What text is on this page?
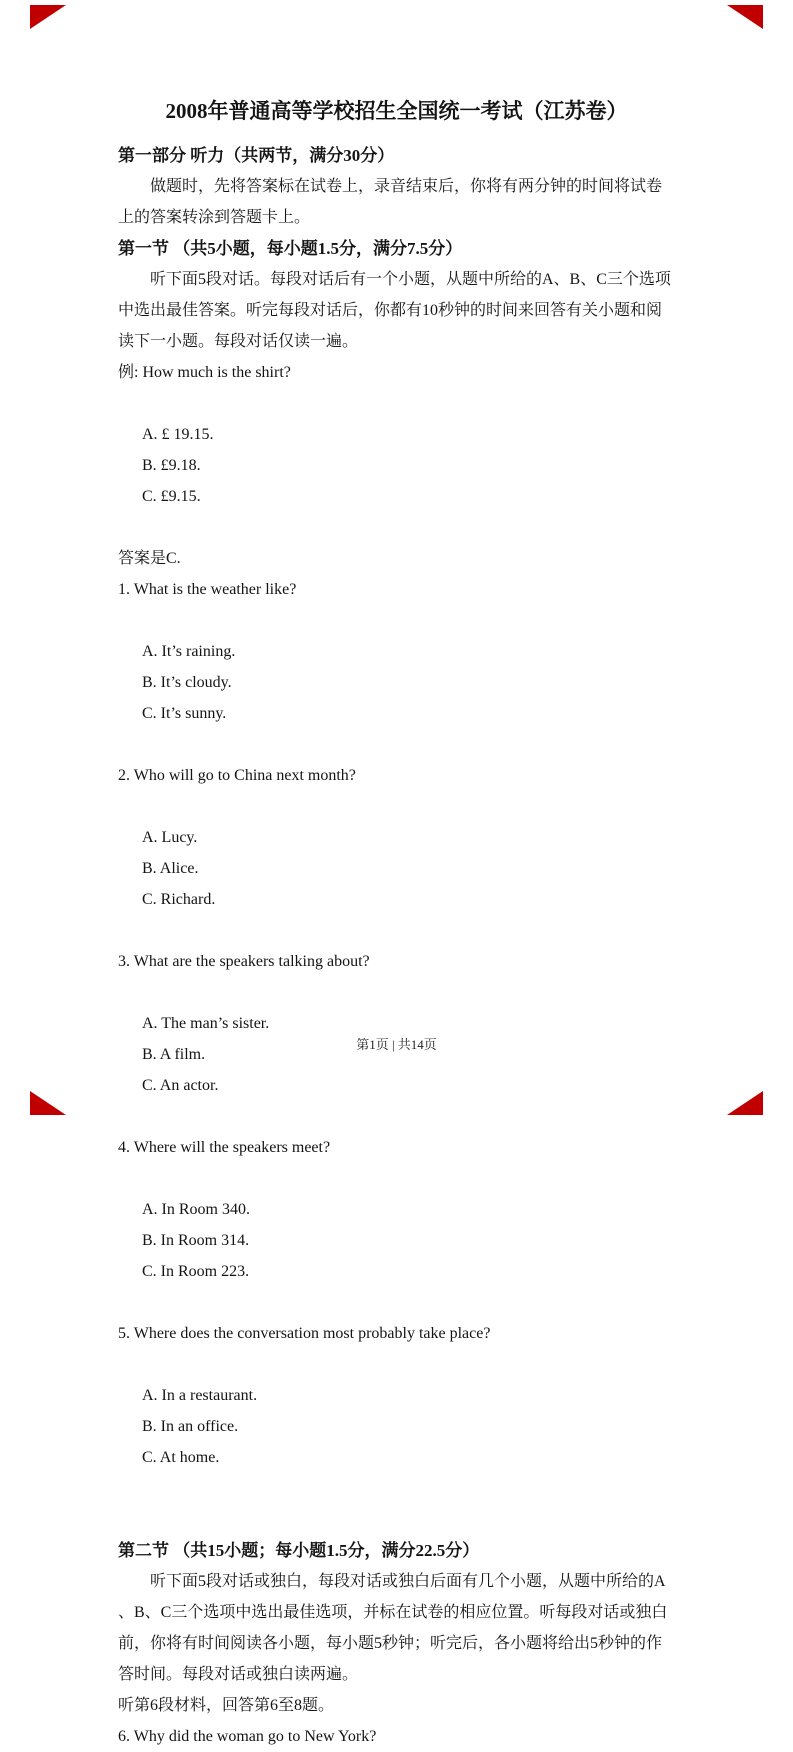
2008年普通高等学校招生全国统一考试（江苏卷）
第一部分 听力（共两节，满分30分）
做题时，先将答案标在试卷上，录音结束后，你将有两分钟的时间将试卷
上的答案转涂到答题卡上。
第一节 （共5小题，每小题1.5分，满分7.5分）
听下面5段对话。每段对话后有一个小题，从题中所给的A、B、C三个选项
中选出最佳答案。听完每段对话后，你都有10秒钟的时间来回答有关小题和阅
读下一小题。每段对话仅读一遍。
例: How much is the shirt?

A. £ 19.15.
B. £9.18.
C. £9.15.

答案是C.
1. What is the weather like?

A. It’s raining.
B. It’s cloudy.
C. It’s sunny.

2. Who will go to China next month?

A. Lucy.
B. Alice.
C. Richard.

3. What are the speakers talking about?

A. The man’s sister.
B. A film.
C. An actor.

4. Where will the speakers meet?

A. In Room 340.
B. In Room 314.
C. In Room 223.

5. Where does the conversation most probably take place?

A. In a restaurant.
B. In an office.
C. At home.

第二节 （共15小题；每小题1.5分，满分22.5分）
听下面5段对话或独白，每段对话或独白后面有几个小题，从题中所给的A
、B、C三个选项中选出最佳选项，并标在试卷的相应位置。听每段对话或独白
前，你将有时间阅读各小题，每小题5秒钟；听完后，各小题将给出5秒钟的作
答时间。每段对话或独白读两遍。
听第6段材料，回答第6至8题。
6. Why did the woman go to New York?
第1页 | 共14页
